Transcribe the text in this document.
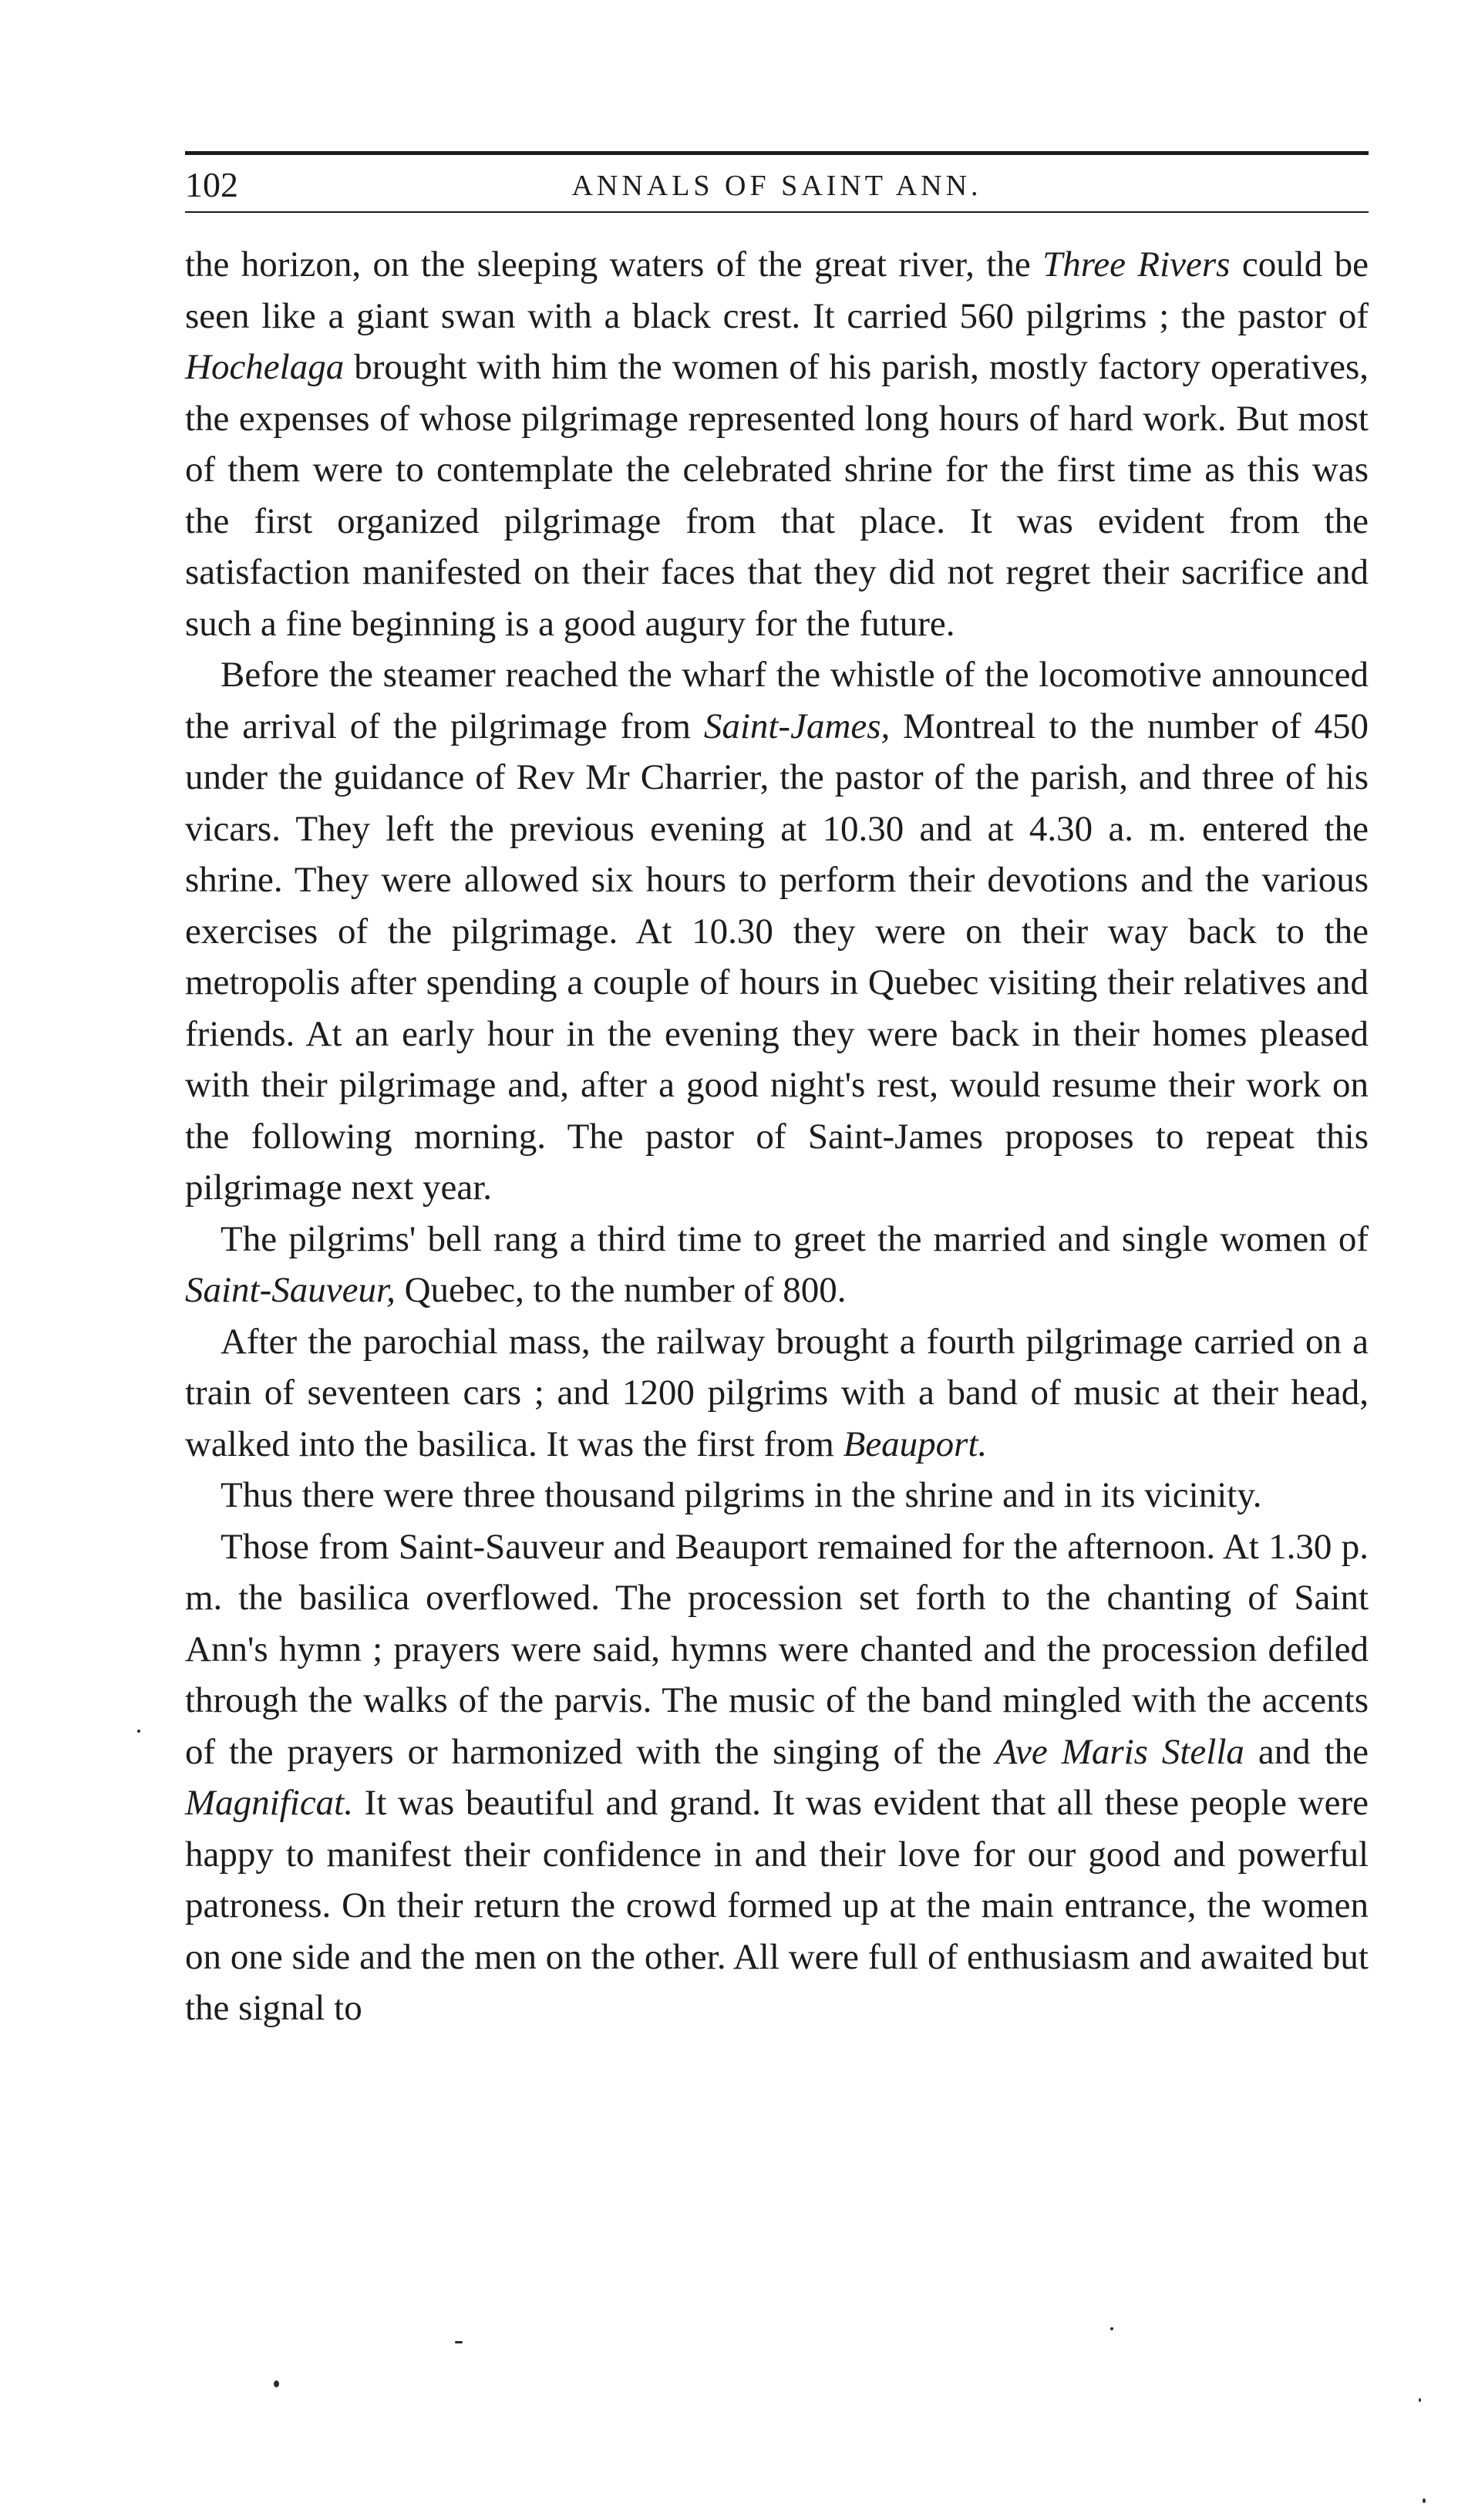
102	ANNALS OF SAINT ANN.

the horizon, on the sleeping waters of the great river, the Three Rivers could be seen like a giant swan with a black crest. It carried 560 pilgrims ; the pastor of Hochelaga brought with him the women of his parish, mostly factory operatives, the expenses of whose pilgrimage represented long hours of hard work. But most of them were to contemplate the celebrated shrine for the first time as this was the first organized pilgrimage from that place. It was evident from the satisfaction manifested on their faces that they did not regret their sacrifice and such a fine beginning is a good augury for the future.

Before the steamer reached the wharf the whistle of the locomotive announced the arrival of the pilgrimage from Saint-James, Montreal to the number of 450 under the guidance of Rev Mr Charrier, the pastor of the parish, and three of his vicars. They left the previous evening at 10.30 and at 4.30 a. m. entered the shrine. They were allowed six hours to perform their devotions and the various exercises of the pilgrimage. At 10.30 they were on their way back to the metropolis after spending a couple of hours in Quebec visiting their relatives and friends. At an early hour in the evening they were back in their homes pleased with their pilgrimage and, after a good night's rest, would resume their work on the following morning. The pastor of Saint-James proposes to repeat this pilgrimage next year.

The pilgrims' bell rang a third time to greet the married and single women of Saint-Sauveur, Quebec, to the number of 800.

After the parochial mass, the railway brought a fourth pilgrimage carried on a train of seventeen cars ; and 1200 pilgrims with a band of music at their head, walked into the basilica. It was the first from Beauport.

Thus there were three thousand pilgrims in the shrine and in its vicinity.

Those from Saint-Sauveur and Beauport remained for the afternoon. At 1.30 p. m. the basilica overflowed. The procession set forth to the chanting of Saint Ann's hymn ; prayers were said, hymns were chanted and the procession defiled through the walks of the parvis. The music of the band mingled with the accents of the prayers or harmonized with the singing of the Ave Maris Stella and the Magnificat. It was beautiful and grand. It was evident that all these people were happy to manifest their confidence in and their love for our good and powerful patroness. On their return the crowd formed up at the main entrance, the women on one side and the men on the other. All were full of enthusiasm and awaited but the signal to
